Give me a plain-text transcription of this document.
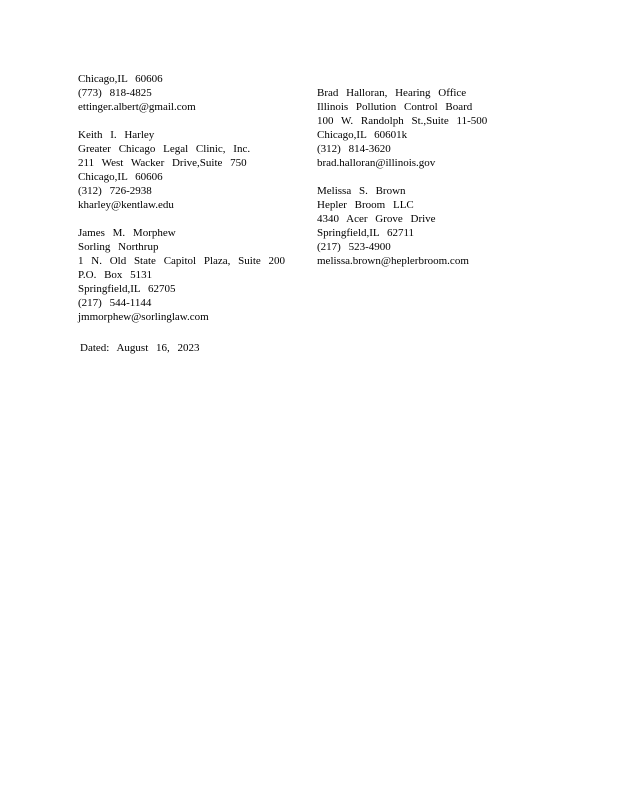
Chicago,IL 60606
(773) 818-4825
ettinger.albert@gmail.com
Keith I. Harley
Greater Chicago Legal Clinic, Inc.
211 West Wacker Drive,Suite 750
Chicago,IL 60606
(312) 726-2938
kharley@kentlaw.edu
James M. Morphew
Sorling Northrup
1 N. Old State Capitol Plaza, Suite 200
P.O. Box 5131
Springfield,IL 62705
(217) 544-1144
jmmorphew@sorlinglaw.com
Brad Halloran, Hearing Office
Illinois Pollution Control Board
100 W. Randolph St.,Suite 11-500
Chicago,IL 60601k
(312) 814-3620
brad.halloran@illinois.gov
Melissa S. Brown
Hepler Broom LLC
4340 Acer Grove Drive
Springfield,IL 62711
(217) 523-4900
melissa.brown@heplerbroom.com
Dated: August 16, 2023
